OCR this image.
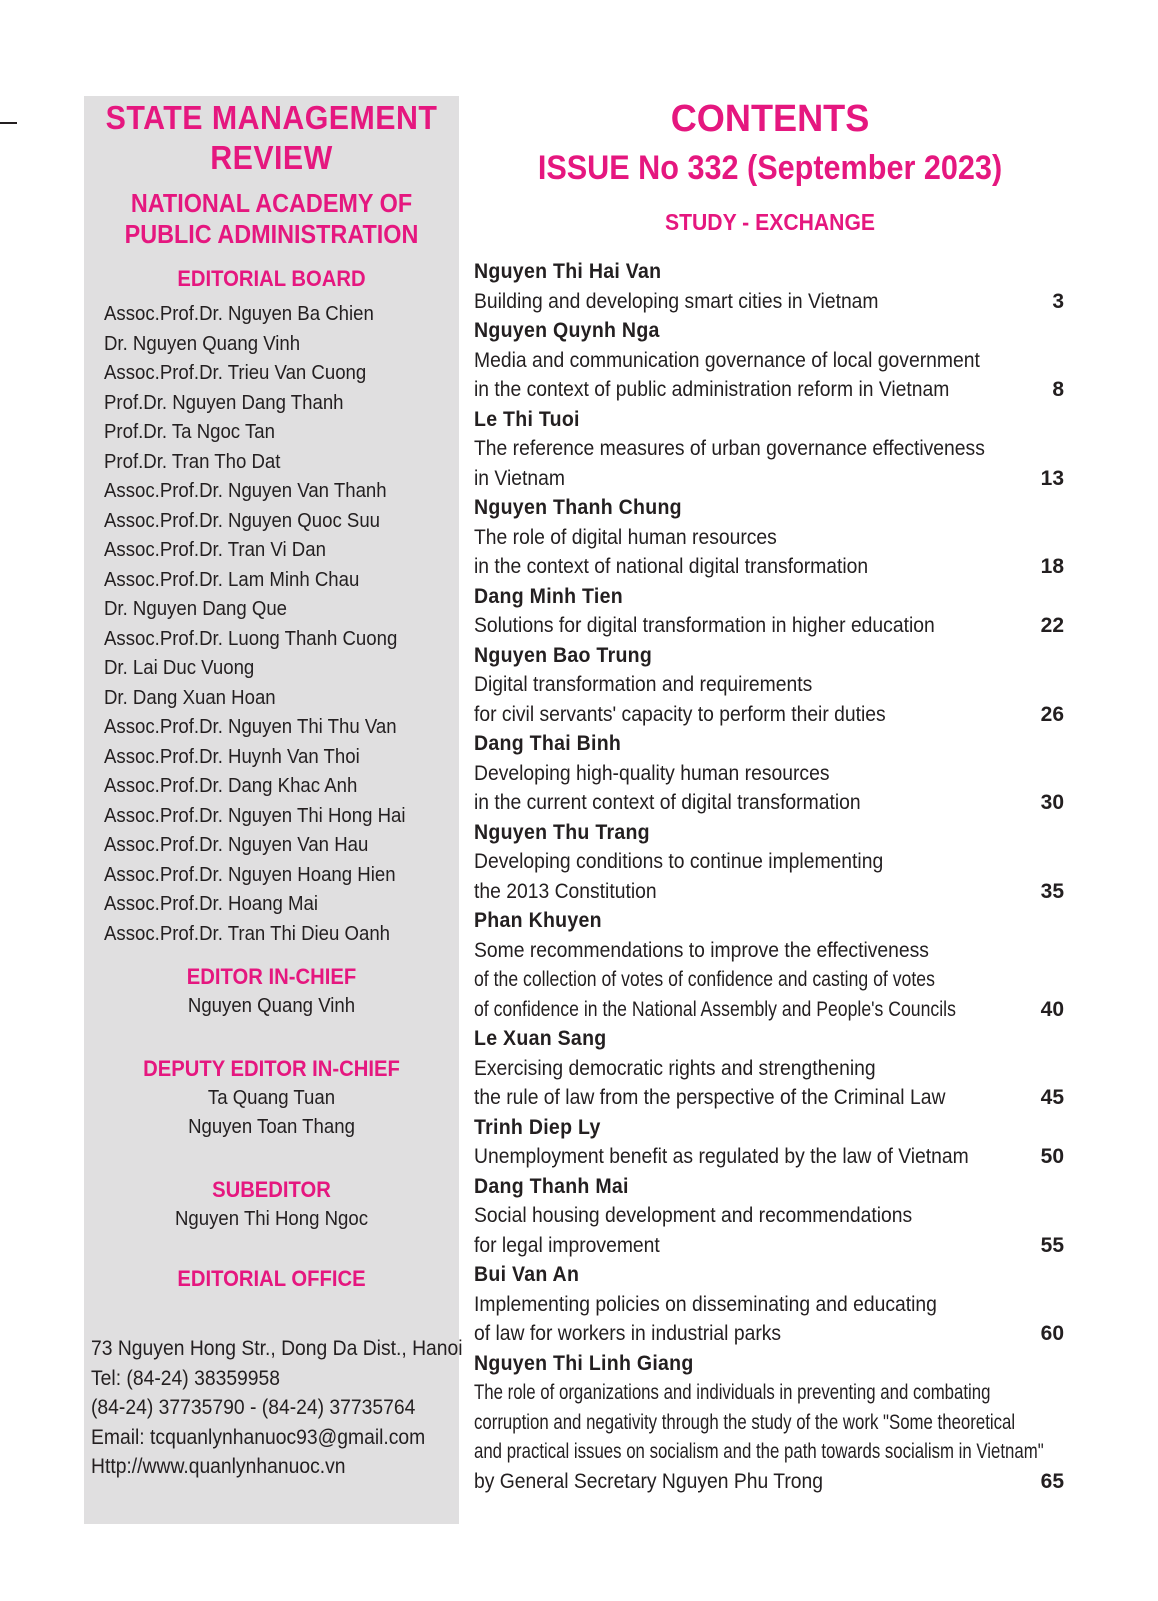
STATE MANAGEMENT
REVIEW
NATIONAL ACADEMY OF
PUBLIC ADMINISTRATION
EDITORIAL BOARD
Assoc.Prof.Dr. Nguyen Ba Chien
Dr. Nguyen Quang Vinh
Assoc.Prof.Dr. Trieu Van Cuong
Prof.Dr. Nguyen Dang Thanh
Prof.Dr. Ta Ngoc Tan
Prof.Dr. Tran Tho Dat
Assoc.Prof.Dr. Nguyen Van Thanh
Assoc.Prof.Dr. Nguyen Quoc Suu
Assoc.Prof.Dr. Tran Vi Dan
Assoc.Prof.Dr. Lam Minh Chau
Dr. Nguyen Dang Que
Assoc.Prof.Dr. Luong Thanh Cuong
Dr. Lai Duc Vuong
Dr. Dang Xuan Hoan
Assoc.Prof.Dr. Nguyen Thi Thu Van
Assoc.Prof.Dr. Huynh Van Thoi
Assoc.Prof.Dr. Dang Khac Anh
Assoc.Prof.Dr. Nguyen Thi Hong Hai
Assoc.Prof.Dr. Nguyen Van Hau
Assoc.Prof.Dr. Nguyen Hoang Hien
Assoc.Prof.Dr. Hoang Mai
Assoc.Prof.Dr. Tran Thi Dieu Oanh
EDITOR IN-CHIEF
Nguyen Quang Vinh
DEPUTY EDITOR IN-CHIEF
Ta Quang Tuan
Nguyen Toan Thang
SUBEDITOR
Nguyen Thi Hong Ngoc
EDITORIAL OFFICE
73 Nguyen Hong Str., Dong Da Dist., Hanoi
Tel: (84-24) 38359958
(84-24) 37735790 - (84-24) 37735764
Email: tcquanlynhanuoc93@gmail.com
Http://www.quanlynhanuoc.vn
CONTENTS
ISSUE No 332 (September 2023)
STUDY - EXCHANGE
Nguyen Thi Hai Van
Building and developing smart cities in Vietnam	3
Nguyen Quynh Nga
Media and communication governance of local government
in the context of public administration reform in Vietnam	8
Le Thi Tuoi
The reference measures of urban governance effectiveness
in Vietnam	13
Nguyen Thanh Chung
The role of digital human resources
in the context of national digital transformation	18
Dang Minh Tien
Solutions for digital transformation in higher education	22
Nguyen Bao Trung
Digital transformation and requirements
for civil servants' capacity to perform their duties	26
Dang Thai Binh
Developing high-quality human resources
in the current context of digital transformation	30
Nguyen Thu Trang
Developing conditions to continue implementing
the 2013 Constitution	35
Phan Khuyen
Some recommendations to improve the effectiveness
of the collection of votes of confidence and casting of votes
of confidence in the National Assembly and People's Councils	40
Le Xuan Sang
Exercising democratic rights and strengthening
the rule of law from the perspective of the Criminal Law	45
Trinh Diep Ly
Unemployment benefit as regulated by the law of Vietnam	50
Dang Thanh Mai
Social housing development and recommendations
for legal improvement	55
Bui Van An
Implementing policies on disseminating and educating
of law for workers in industrial parks	60
Nguyen Thi Linh Giang
The role of organizations and individuals in preventing and combating
corruption and negativity through the study of the work "Some theoretical
and practical issues on socialism and the path towards socialism in Vietnam"
by General Secretary Nguyen Phu Trong	65
